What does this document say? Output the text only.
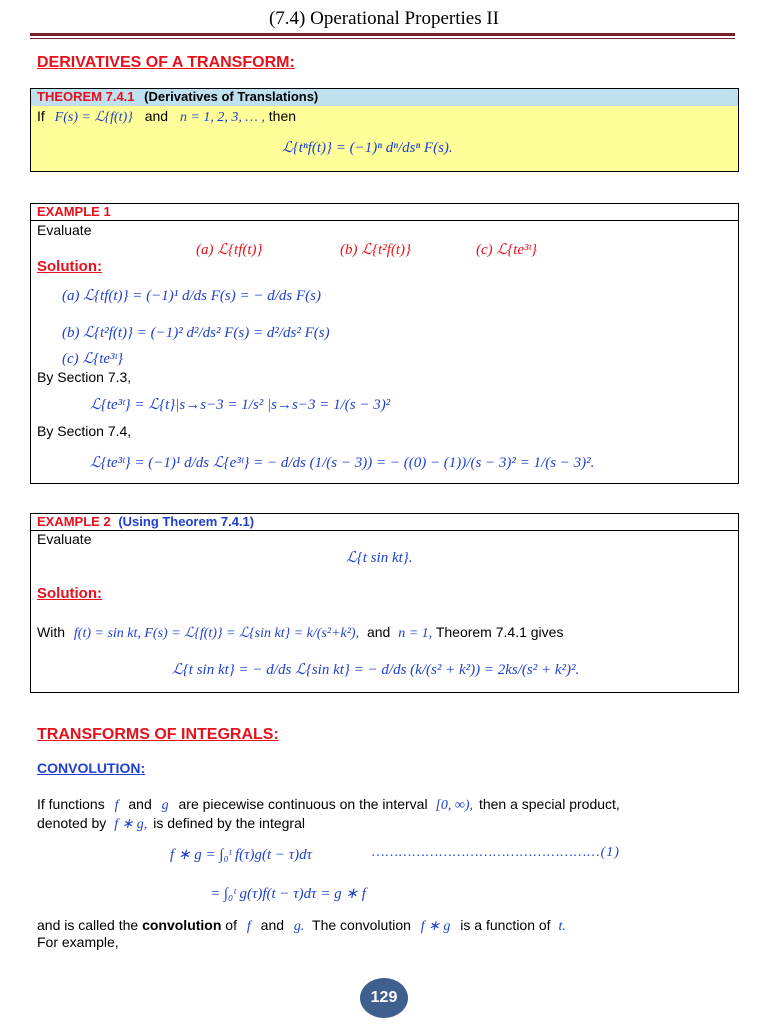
(7.4) Operational Properties II
DERIVATIVES OF A TRANSFORM:
THEOREM 7.4.1 (Derivatives of Translations)
If F(s) = ℒ{f(t)} and n = 1, 2, 3, … , then
ℒ{tⁿf(t)} = (−1)ⁿ dⁿ/dsⁿ F(s).
EXAMPLE 1
Evaluate
(a) ℒ{tf(t)}	(b) ℒ{t²f(t)}	(c) ℒ{te³ᵗ}
Solution:
(a) ℒ{tf(t)} = (−1)¹ d/ds F(s) = − d/ds F(s)
(b) ℒ{t²f(t)} = (−1)² d²/ds² F(s) = d²/ds² F(s)
(c) ℒ{te³ᵗ}
By Section 7.3,
ℒ{te³ᵗ} = ℒ{t}|s→s−3 = 1/s² |s→s−3 = 1/(s − 3)²
By Section 7.4,
ℒ{te³ᵗ} = (−1)¹ d/ds ℒ{e³ᵗ} = − d/ds (1/(s − 3)) = − ((0) − (1))/(s − 3)² = 1/(s − 3)².
EXAMPLE 2 (Using Theorem 7.4.1)
Evaluate
ℒ{t sin kt}.
Solution:
With f(t) = sin kt, F(s) = ℒ{f(t)} = ℒ{sin kt} = k/(s²+k²), and n = 1, Theorem 7.4.1 gives
ℒ{t sin kt} = − d/ds ℒ{sin kt} = − d/ds (k/(s² + k²)) = 2ks/(s² + k²)².
TRANSFORMS OF INTEGRALS:
CONVOLUTION:
If functions f and g are piecewise continuous on the interval [0, ∞), then a special product,
denoted by f ∗ g, is defined by the integral
f ∗ g = ∫₀ᵗ f(τ)g(t − τ)dτ	……………………………………………(1)
= ∫₀ᵗ g(τ)f(t − τ)dτ = g ∗ f
and is called the convolution of f and g. The convolution f ∗ g is a function of t.
For example,
129
